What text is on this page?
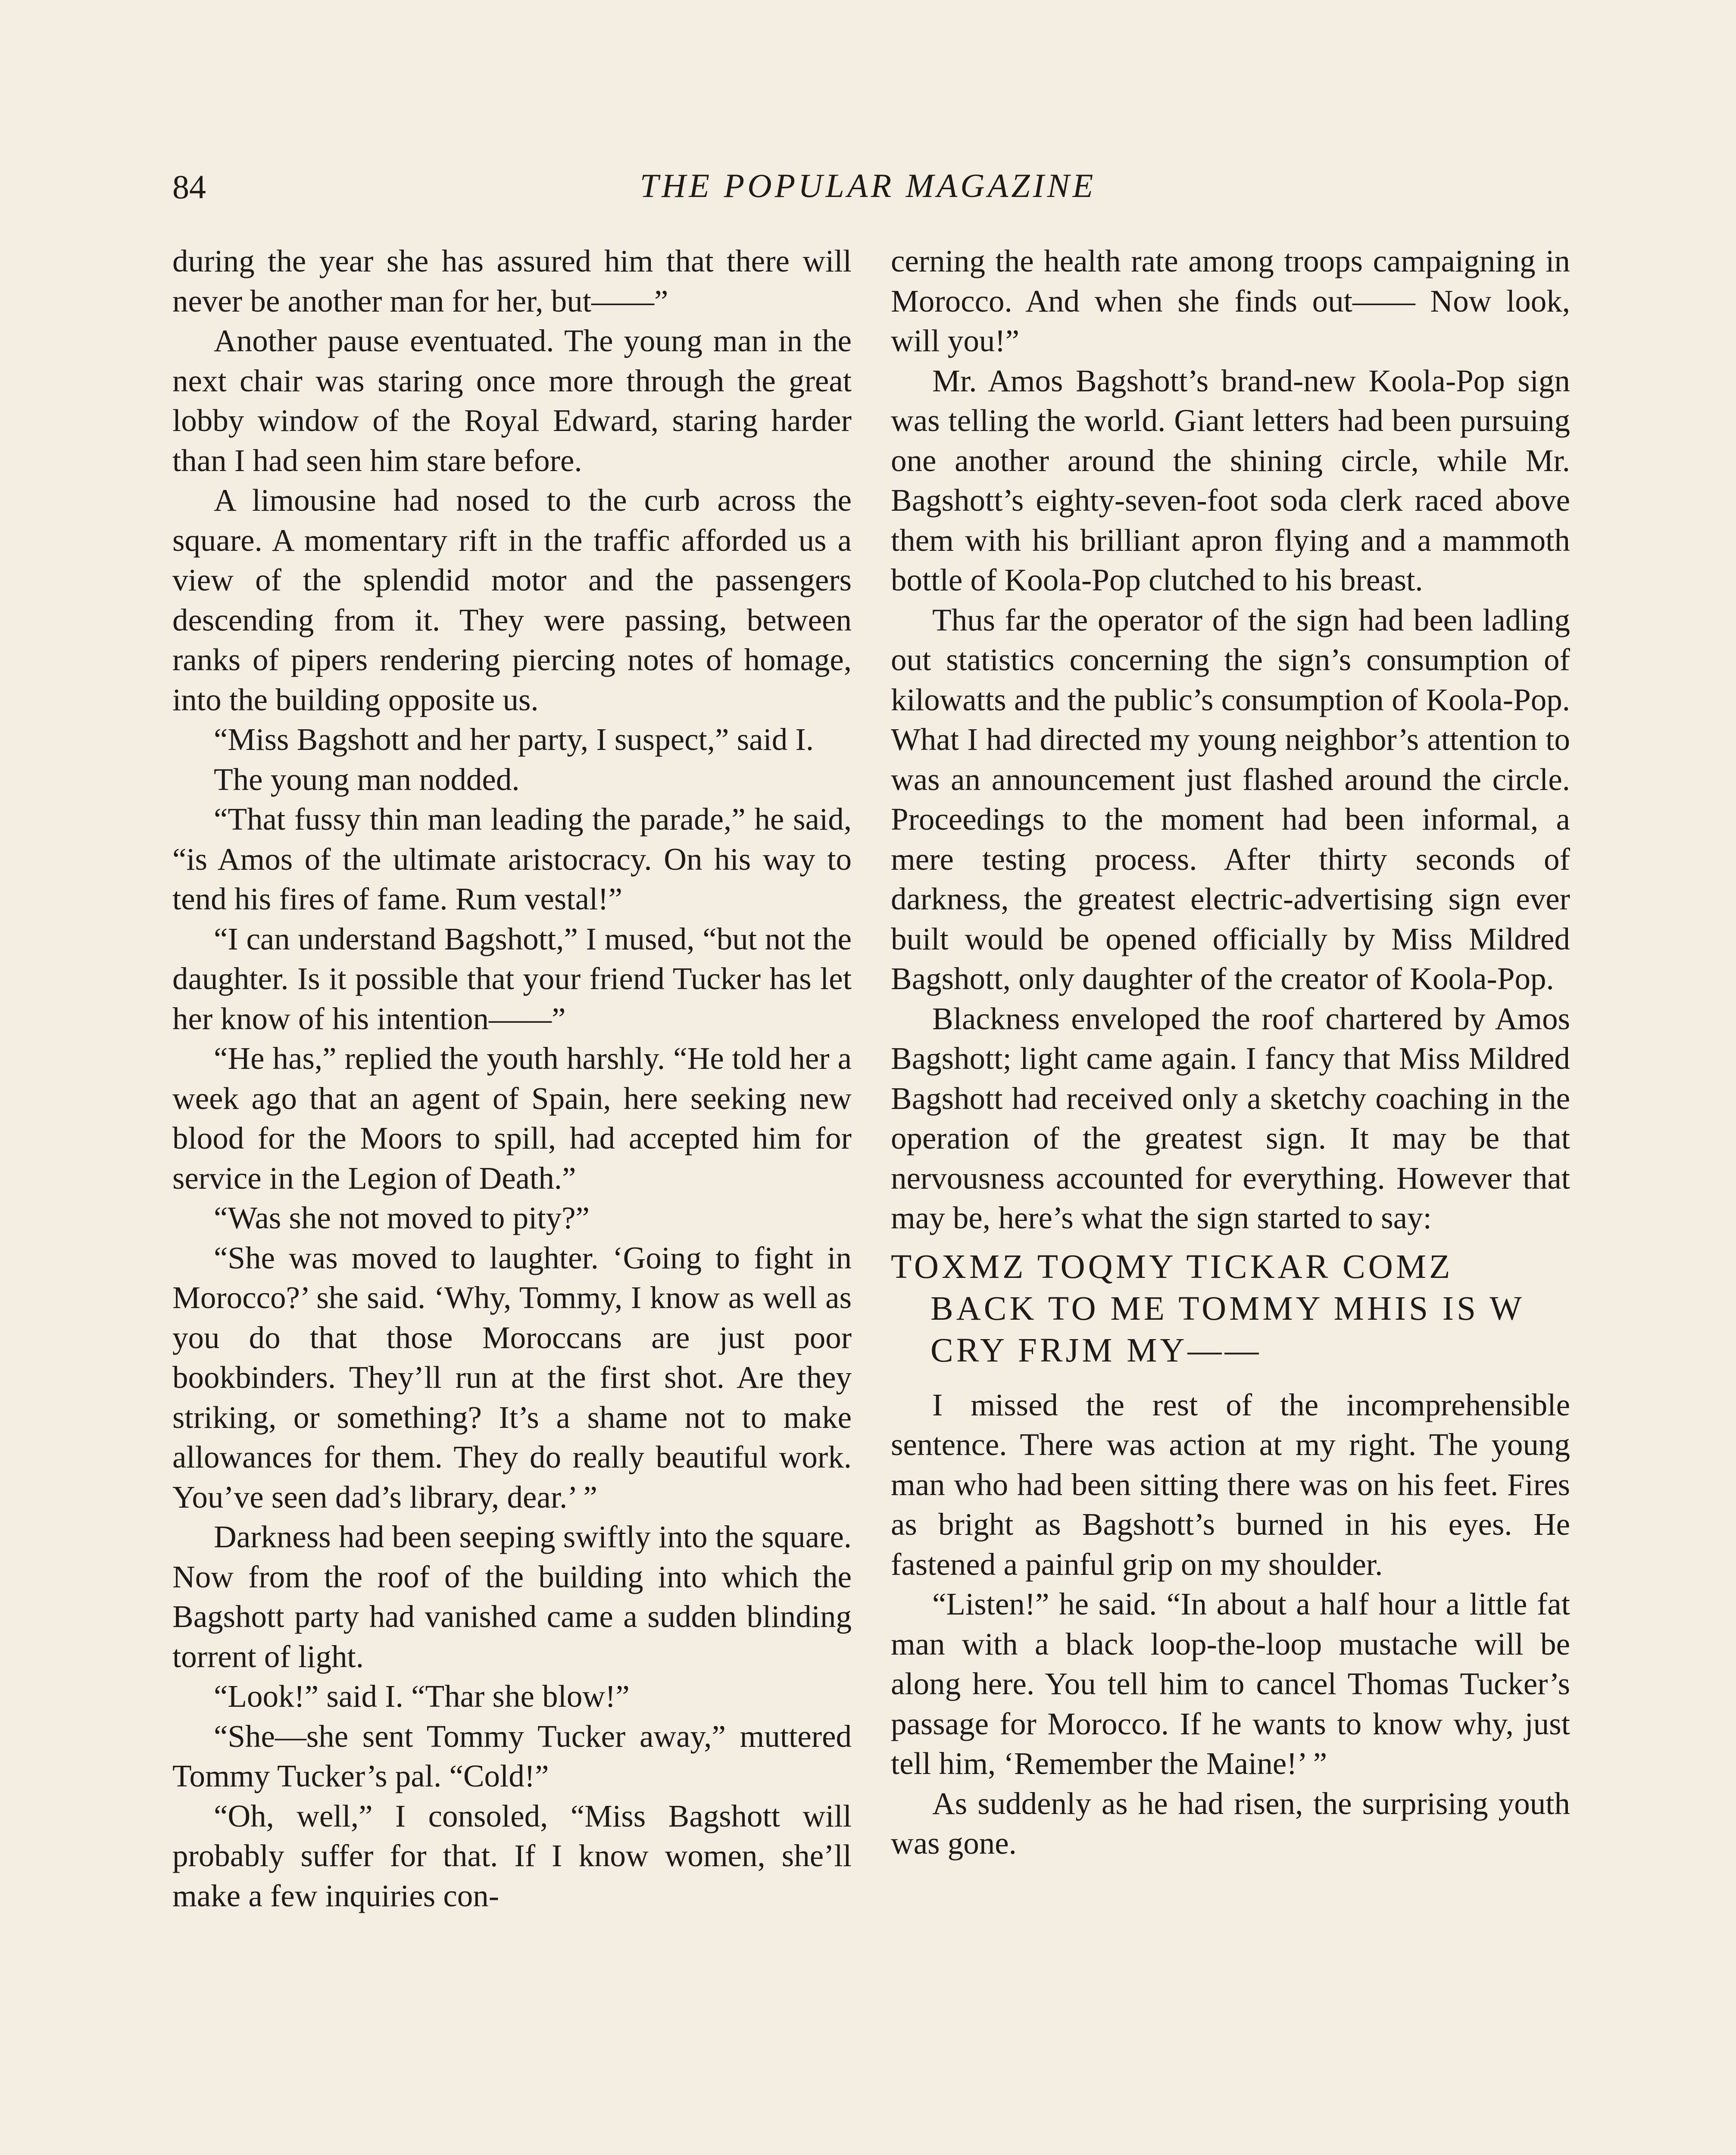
84	THE POPULAR MAGAZINE

during the year she has assured him that there will never be another man for her, but——”

Another pause eventuated. The young man in the next chair was staring once more through the great lobby window of the Royal Edward, staring harder than I had seen him stare before.

A limousine had nosed to the curb across the square. A momentary rift in the traffic afforded us a view of the splendid motor and the passengers descending from it. They were passing, between ranks of pipers rendering piercing notes of homage, into the building opposite us.

“Miss Bagshott and her party, I suspect,” said I.

The young man nodded.

“That fussy thin man leading the parade,” he said, “is Amos of the ultimate aristocracy. On his way to tend his fires of fame. Rum vestal!”

“I can understand Bagshott,” I mused, “but not the daughter. Is it possible that your friend Tucker has let her know of his intention——”

“He has,” replied the youth harshly. “He told her a week ago that an agent of Spain, here seeking new blood for the Moors to spill, had accepted him for service in the Legion of Death.”

“Was she not moved to pity?”

“She was moved to laughter. ‘Going to fight in Morocco?’ she said. ‘Why, Tommy, I know as well as you do that those Moroccans are just poor bookbinders. They’ll run at the first shot. Are they striking, or something? It’s a shame not to make allowances for them. They do really beautiful work. You’ve seen dad’s library, dear.’ ”

Darkness had been seeping swiftly into the square. Now from the roof of the building into which the Bagshott party had vanished came a sudden blinding torrent of light.

“Look!” said I. “Thar she blow!”

“She—she sent Tommy Tucker away,” muttered Tommy Tucker’s pal. “Cold!”

“Oh, well,” I consoled, “Miss Bagshott will probably suffer for that. If I know women, she’ll make a few inquiries con-

cerning the health rate among troops campaigning in Morocco. And when she finds out—— Now look, will you!”

Mr. Amos Bagshott’s brand-new Koola-Pop sign was telling the world. Giant letters had been pursuing one another around the shining circle, while Mr. Bagshott’s eighty-seven-foot soda clerk raced above them with his brilliant apron flying and a mammoth bottle of Koola-Pop clutched to his breast.

Thus far the operator of the sign had been ladling out statistics concerning the sign’s consumption of kilowatts and the public’s consumption of Koola-Pop. What I had directed my young neighbor’s attention to was an announcement just flashed around the circle. Proceedings to the moment had been informal, a mere testing process. After thirty seconds of darkness, the greatest electric-advertising sign ever built would be opened officially by Miss Mildred Bagshott, only daughter of the creator of Koola-Pop.

Blackness enveloped the roof chartered by Amos Bagshott; light came again. I fancy that Miss Mildred Bagshott had received only a sketchy coaching in the operation of the greatest sign. It may be that nervousness accounted for everything. However that may be, here’s what the sign started to say:

TOXMZ TOQMY TICKAR COMZ BACK TO ME TOMMY MHIS IS W CRY FRJM MY——

I missed the rest of the incomprehensible sentence. There was action at my right. The young man who had been sitting there was on his feet. Fires as bright as Bagshott’s burned in his eyes. He fastened a painful grip on my shoulder.

“Listen!” he said. “In about a half hour a little fat man with a black loop-the-loop mustache will be along here. You tell him to cancel Thomas Tucker’s passage for Morocco. If he wants to know why, just tell him, ‘Remember the Maine!’ ”

As suddenly as he had risen, the surprising youth was gone.
